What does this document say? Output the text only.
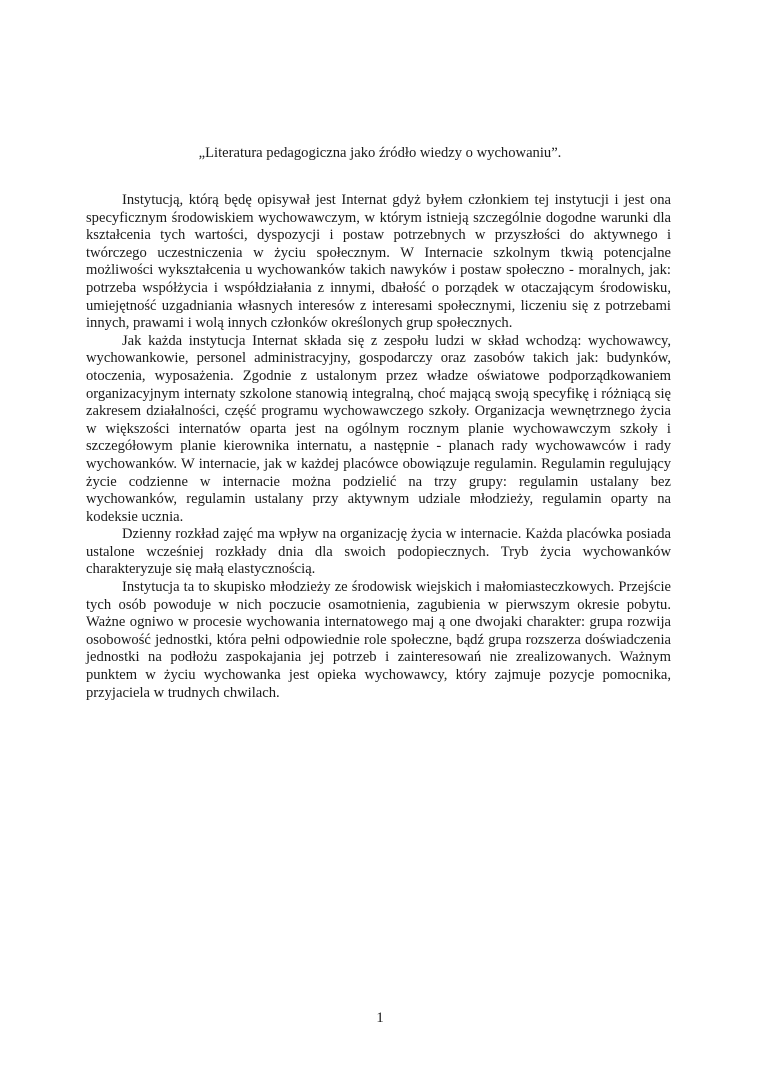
„Literatura pedagogiczna jako źródło wiedzy o wychowaniu”.

Instytucją, którą będę opisywał jest Internat gdyż byłem członkiem tej instytucji i jest ona specyficznym środowiskiem wychowawczym, w którym istnieją szczególnie dogodne warunki dla kształcenia tych wartości, dyspozycji i postaw potrzebnych w przyszłości do aktywnego i twórczego uczestniczenia w życiu społecznym. W Internacie szkolnym tkwią potencjalne możliwości wykształcenia u wychowanków takich nawyków i postaw społeczno - moralnych, jak: potrzeba współżycia i współdziałania z innymi, dbałość o porządek w otaczającym środowisku, umiejętność uzgadniania własnych interesów z interesami społecznymi, liczeniu się z potrzebami innych, prawami i wolą innych członków określonych grup społecznych.

Jak każda instytucja Internat składa się z zespołu ludzi w skład wchodzą: wychowawcy, wychowankowie, personel administracyjny, gospodarczy oraz zasobów takich jak: budynków, otoczenia, wyposażenia. Zgodnie z ustalonym przez władze oświatowe podporządkowaniem organizacyjnym internaty szkolone stanowią integralną, choć mającą swoją specyfikę i różniącą się zakresem działalności, część programu wychowawczego szkoły. Organizacja wewnętrznego życia w większości internatów oparta jest na ogólnym rocznym planie wychowawczym szkoły i szczegółowym planie kierownika internatu, a następnie - planach rady wychowawców i rady wychowanków. W internacie, jak w każdej placówce obowiązuje regulamin. Regulamin regulujący życie codzienne w internacie można podzielić na trzy grupy: regulamin ustalany bez wychowanków, regulamin ustalany przy aktywnym udziale młodzieży, regulamin oparty na kodeksie ucznia.

Dzienny rozkład zajęć ma wpływ na organizację życia w internacie. Każda placówka posiada ustalone wcześniej rozkłady dnia dla swoich podopiecznych. Tryb życia wychowanków charakteryzuje się małą elastycznością.

Instytucja ta to skupisko młodzieży ze środowisk wiejskich i małomiasteczkowych. Przejście tych osób powoduje w nich poczucie osamotnienia, zagubienia w pierwszym okresie pobytu. Ważne ogniwo w procesie wychowania internatowego maj ą one dwojaki charakter: grupa rozwija osobowość jednostki, która pełni odpowiednie role społeczne, bądź grupa rozszerza doświadczenia jednostki na podłożu zaspokajania jej potrzeb i zainteresowań nie zrealizowanych. Ważnym punktem w życiu wychowanka jest opieka wychowawcy, który zajmuje pozycje pomocnika, przyjaciela w trudnych chwilach.

1
